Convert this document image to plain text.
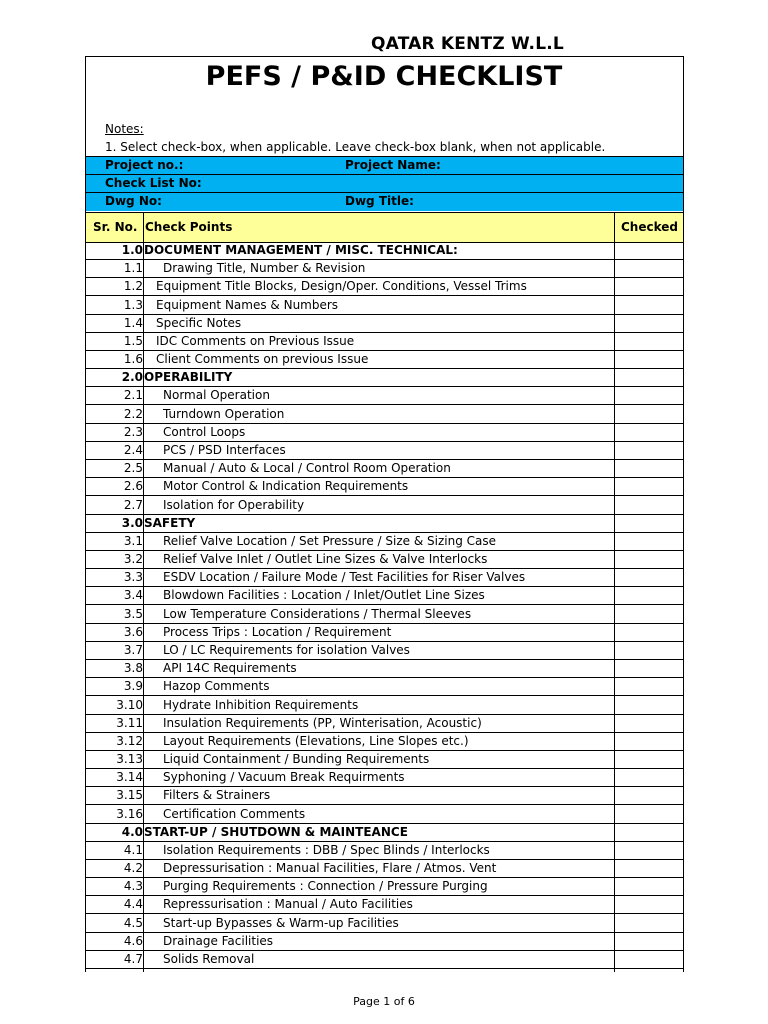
QATAR KENTZ W.L.L
PEFS / P&ID CHECKLIST
Notes:
1. Select check-box, when applicable. Leave check-box blank, when not applicable.
Project no.:	Project Name:
Check List No:
Dwg No:	Dwg Title:
Sr. No. Check Points	Checked
1.0 DOCUMENT MANAGEMENT / MISC. TECHNICAL:
1.1 Drawing Title, Number & Revision
1.2 Equipment Title Blocks, Design/Oper. Conditions, Vessel Trims
1.3 Equipment Names & Numbers
1.4 Specific Notes
1.5 IDC Comments on Previous Issue
1.6 Client Comments on previous Issue
2.0 OPERABILITY
2.1 Normal Operation
2.2 Turndown Operation
2.3 Control Loops
2.4 PCS / PSD Interfaces
2.5 Manual / Auto & Local / Control Room Operation
2.6 Motor Control & Indication Requirements
2.7 Isolation for Operability
3.0 SAFETY
3.1 Relief Valve Location / Set Pressure / Size & Sizing Case
3.2 Relief Valve Inlet / Outlet Line Sizes & Valve Interlocks
3.3 ESDV Location / Failure Mode / Test Facilities for Riser Valves
3.4 Blowdown Facilities : Location / Inlet/Outlet Line Sizes
3.5 Low Temperature Considerations / Thermal Sleeves
3.6 Process Trips : Location / Requirement
3.7 LO / LC Requirements for isolation Valves
3.8 API 14C Requirements
3.9 Hazop Comments
3.10 Hydrate Inhibition Requirements
3.11 Insulation Requirements (PP, Winterisation, Acoustic)
3.12 Layout Requirements (Elevations, Line Slopes etc.)
3.13 Liquid Containment / Bunding Requirements
3.14 Syphoning / Vacuum Break Requirments
3.15 Filters & Strainers
3.16 Certification Comments
4.0 START-UP / SHUTDOWN & MAINTEANCE
4.1 Isolation Requirements : DBB / Spec Blinds / Interlocks
4.2 Depressurisation : Manual Facilities, Flare / Atmos. Vent
4.3 Purging Requirements : Connection / Pressure Purging
4.4 Repressurisation : Manual / Auto Facilities
4.5 Start-up Bypasses & Warm-up Facilities
4.6 Drainage Facilities
4.7 Solids Removal
Page 1 of 6
